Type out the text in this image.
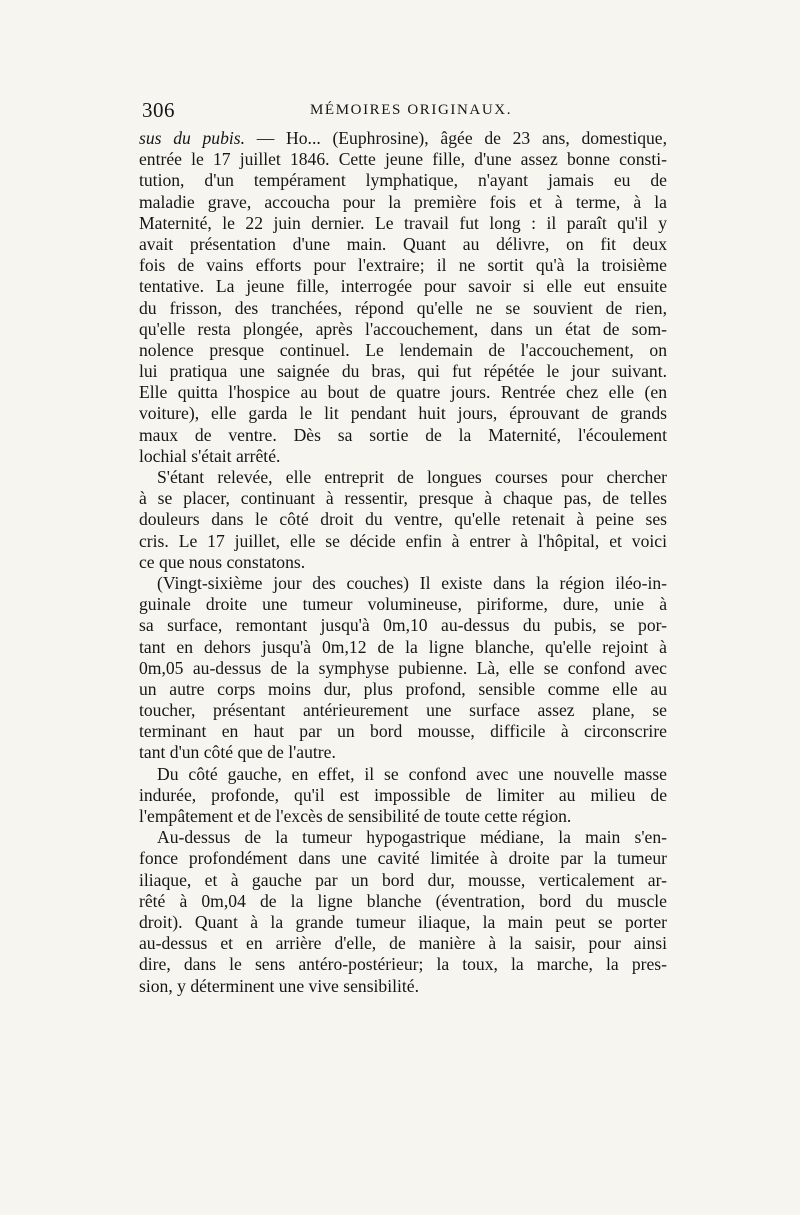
306	MÉMOIRES ORIGINAUX.
sus du pubis. — Ho... (Euphrosine), âgée de 23 ans, domestique,
entrée le 17 juillet 1846. Cette jeune fille, d'une assez bonne consti-
tution, d'un tempérament lymphatique, n'ayant jamais eu de
maladie grave, accoucha pour la première fois et à terme, à la
Maternité, le 22 juin dernier. Le travail fut long : il paraît qu'il y
avait présentation d'une main. Quant au délivre, on fit deux
fois de vains efforts pour l'extraire; il ne sortit qu'à la troisième
tentative. La jeune fille, interrogée pour savoir si elle eut ensuite
du frisson, des tranchées, répond qu'elle ne se souvient de rien,
qu'elle resta plongée, après l'accouchement, dans un état de som-
nolence presque continuel. Le lendemain de l'accouchement, on
lui pratiqua une saignée du bras, qui fut répétée le jour suivant.
Elle quitta l'hospice au bout de quatre jours. Rentrée chez elle (en
voiture), elle garda le lit pendant huit jours, éprouvant de grands
maux de ventre. Dès sa sortie de la Maternité, l'écoulement
lochial s'était arrêté.
S'étant relevée, elle entreprit de longues courses pour chercher
à se placer, continuant à ressentir, presque à chaque pas, de telles
douleurs dans le côté droit du ventre, qu'elle retenait à peine ses
cris. Le 17 juillet, elle se décide enfin à entrer à l'hôpital, et voici
ce que nous constatons.
(Vingt-sixième jour des couches) Il existe dans la région iléo-in-
guinale droite une tumeur volumineuse, piriforme, dure, unie à
sa surface, remontant jusqu'à 0m,10 au-dessus du pubis, se por-
tant en dehors jusqu'à 0m,12 de la ligne blanche, qu'elle rejoint à
0m,05 au-dessus de la symphyse pubienne. Là, elle se confond avec
un autre corps moins dur, plus profond, sensible comme elle au
toucher, présentant antérieurement une surface assez plane, se
terminant en haut par un bord mousse, difficile à circonscrire
tant d'un côté que de l'autre.
Du côté gauche, en effet, il se confond avec une nouvelle masse
indurée, profonde, qu'il est impossible de limiter au milieu de
l'empâtement et de l'excès de sensibilité de toute cette région.
Au-dessus de la tumeur hypogastrique médiane, la main s'en-
fonce profondément dans une cavité limitée à droite par la tumeur
iliaque, et à gauche par un bord dur, mousse, verticalement ar-
rêté à 0m,04 de la ligne blanche (éventration, bord du muscle
droit). Quant à la grande tumeur iliaque, la main peut se porter
au-dessus et en arrière d'elle, de manière à la saisir, pour ainsi
dire, dans le sens antéro-postérieur; la toux, la marche, la pres-
sion, y déterminent une vive sensibilité.
